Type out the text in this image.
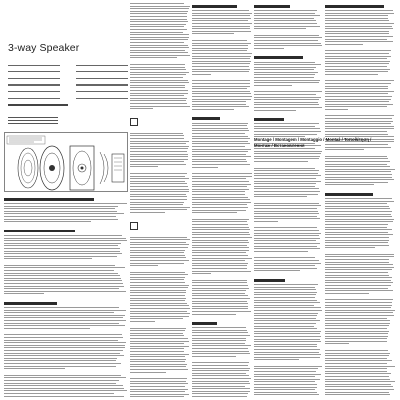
3-way Speaker
Montage / Montagem / Montaggio / Montaż / Τοποθέτηση /
Монтаж / Встановлення
